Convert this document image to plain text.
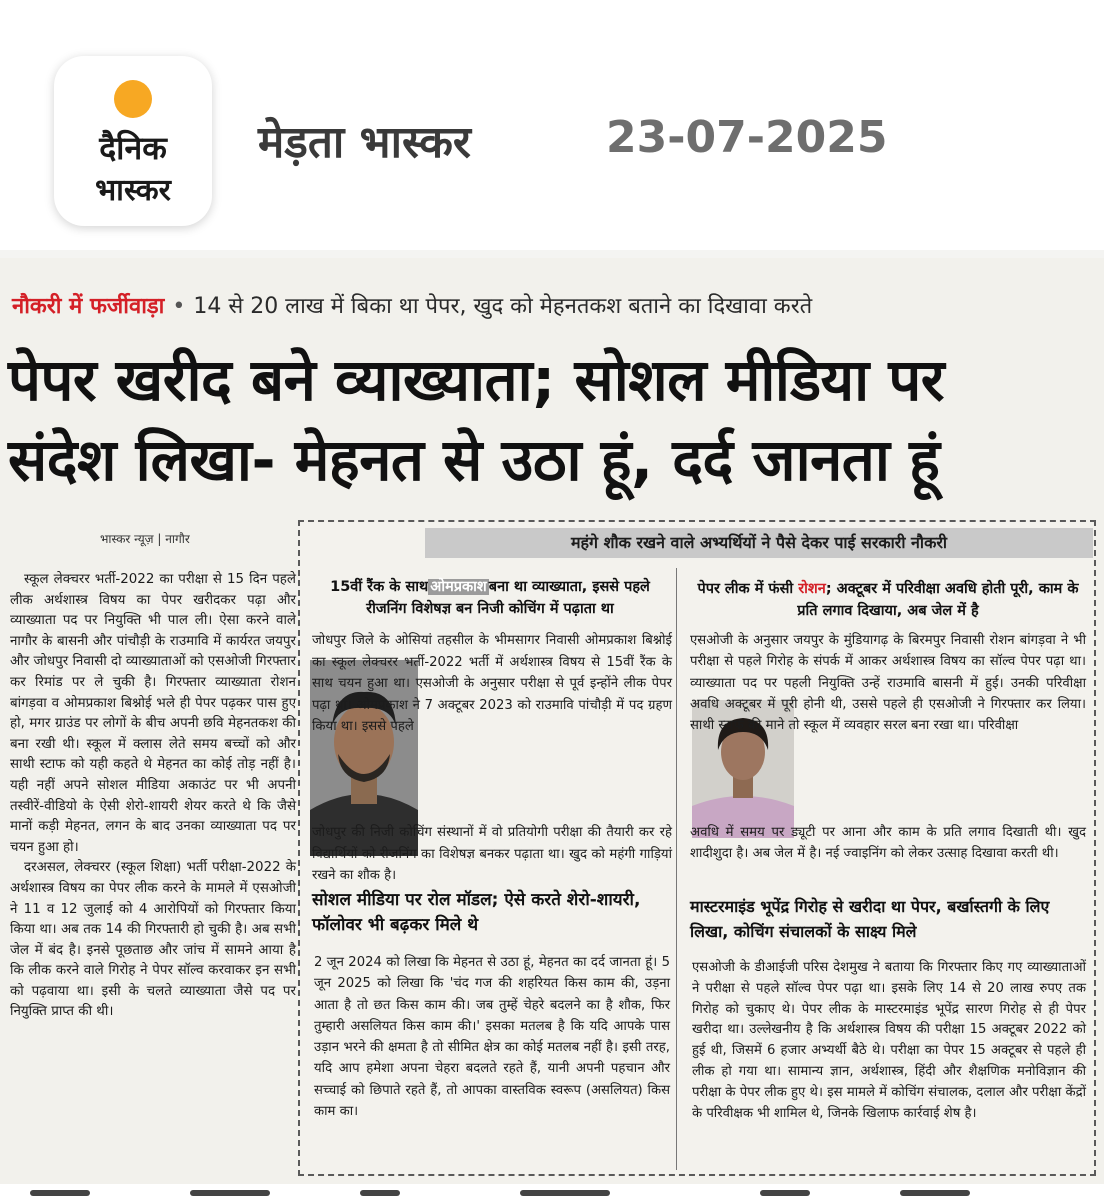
दैनिक
भास्कर
मेड़ता भास्कर	23-07-2025
नौकरी में फर्जीवाड़ा • 14 से 20 लाख में बिका था पेपर, खुद को मेहनतकश बताने का दिखावा करते
पेपर खरीद बने व्याख्याता; सोशल मीडिया पर
संदेश लिखा- मेहनत से उठा हूं, दर्द जानता हूं
भास्कर न्यूज़ | नागौर

स्कूल लेक्चरर भर्ती-2022 का परीक्षा से 15 दिन पहले लीक अर्थशास्त्र विषय का पेपर खरीदकर पढ़ा और व्याख्याता पद पर नियुक्ति भी पाल ली। ऐसा करने वाले नागौर के बासनी और पांचौड़ी के राउमावि में कार्यरत जयपुर और जोधपुर निवासी दो व्याख्याताओं को एसओजी गिरफ्तार कर रिमांड पर ले चुकी है। गिरफ्तार व्याख्याता रोशन बांगड़वा व ओमप्रकाश बिश्नोई भले ही पेपर पढ़कर पास हुए हो, मगर ग्राउंड पर लोगों के बीच अपनी छवि मेहनतकश की बना रखी थी। स्कूल में क्लास लेते समय बच्चों को और साथी स्टाफ को यही कहते थे मेहनत का कोई तोड़ नहीं है। यही नहीं अपने सोशल मीडिया अकाउंट पर भी अपनी तस्वीरें-वीडियो के ऐसी शेरो-शायरी शेयर करते थे कि जैसे मानों कड़ी मेहनत, लगन के बाद उनका व्याख्याता पद पर चयन हुआ हो।

दरअसल, लेक्चरर (स्कूल शिक्षा) भर्ती परीक्षा-2022 के अर्थशास्त्र विषय का पेपर लीक करने के मामले में एसओजी ने 11 व 12 जुलाई को 4 आरोपियों को गिरफ्तार किया किया था। अब तक 14 की गिरफ्तारी हो चुकी है। अब सभी जेल में बंद है। इनसे पूछताछ और जांच में सामने आया है कि लीक करने वाले गिरोह ने पेपर सॉल्व करवाकर इन सभी को पढ़वाया था। इसी के चलते व्याख्याता जैसे पद पर नियुक्ति प्राप्त की थी।

महंगे शौक रखने वाले अभ्यर्थियों ने पैसे देकर पाई सरकारी नौकरी
15वीं रैंक के साथ ओमप्रकाश बना था व्याख्याता, इससे पहले रीजनिंग विशेषज्ञ बन निजी कोचिंग में पढ़ाता था

जोधपुर जिले के ओसियां तहसील के भीमसागर निवासी ओमप्रकाश बिश्नोई का स्कूल लेक्चरर भर्ती-2022 भर्ती में अर्थशास्त्र विषय से 15वीं रैंक के साथ चयन हुआ था। एसओजी के अनुसार परीक्षा से पूर्व इन्होंने लीक पेपर पढ़ा था। ओमप्रकाश ने 7 अक्टूबर 2023 को राउमावि पांचौड़ी में पद ग्रहण किया था। इससे पहले

सोशल मीडिया पर रोल मॉडल; ऐसे करते शेरो-शायरी, फॉलोवर भी बढ़कर मिले थे

2 जून 2024 को लिखा कि मेहनत से उठा हूं, मेहनत का दर्द जानता हूं। 5 जून 2025 को लिखा कि 'चंद गज की शहरियत किस काम की, उड़ना आता है तो छत किस काम की। जब तुम्हें चेहरे बदलने का है शौक, फिर तुम्हारी असलियत किस काम की।' इसका मतलब है कि यदि आपके पास उड़ान भरने की क्षमता है तो सीमित क्षेत्र का कोई मतलब नहीं है। इसी तरह, यदि आप हमेशा अपना चेहरा बदलते रहते हैं, यानी अपनी पहचान और सच्चाई को छिपाते रहते हैं, तो आपका वास्तविक स्वरूप (असलियत) किस काम का।

पेपर लीक में फंसी रोशन; अक्टूबर में परिवीक्षा अवधि होती पूरी, काम के प्रति लगाव दिखाया, अब जेल में है

एसओजी के अनुसार जयपुर के मुंडियागढ़ के बिरमपुर निवासी रोशन बांगड़वा ने भी परीक्षा से पहले गिरोह के संपर्क में आकर अर्थशास्त्र विषय का सॉल्व पेपर पढ़ा था। व्याख्याता पद पर पहली नियुक्ति उन्हें राउमावि बासनी में हुई। उनकी परिवीक्षा अवधि अक्टूबर में पूरी होनी थी, उससे पहले ही एसओजी ने गिरफ्तार कर लिया। साथी स्टाफ की माने तो स्कूल में व्यवहार सरल बना रखा था। परिवीक्षा

मास्टरमाइंड भूपेंद्र गिरोह से खरीदा था पेपर, बर्खास्तगी के लिए लिखा, कोचिंग संचालकों के साक्ष्य मिले

एसओजी के डीआईजी परिस देशमुख ने बताया कि गिरफ्तार किए गए व्याख्याताओं ने परीक्षा से पहले सॉल्व पेपर पढ़ा था। इसके लिए 14 से 20 लाख रुपए तक गिरोह को चुकाए थे। पेपर लीक के मास्टरमाइंड भूपेंद्र सारण गिरोह से ही पेपर खरीदा था। उल्लेखनीय है कि अर्थशास्त्र विषय की परीक्षा 15 अक्टूबर 2022 को हुई थी, जिसमें 6 हजार अभ्यर्थी बैठे थे। परीक्षा का पेपर 15 अक्टूबर से पहले ही लीक हो गया था। सामान्य ज्ञान, अर्थशास्त्र, हिंदी और शैक्षणिक मनोविज्ञान की परीक्षा के पेपर लीक हुए थे। इस मामले में कोचिंग संचालक, दलाल और परीक्षा केंद्रों के परिवीक्षक भी शामिल थे, जिनके खिलाफ कार्रवाई शेष है।

जोधपुर की निजी कोचिंग संस्थानों में वो प्रतियोगी परीक्षा की तैयारी कर रहे विद्यार्थियों को रीजनिंग का विशेषज्ञ बनकर पढ़ाता था। खुद को महंगी गाड़ियां रखने का शौक है।

अवधि में समय पर ड्यूटी पर आना और काम के प्रति लगाव दिखाती थी। खुद शादीशुदा है। अब जेल में है। नई ज्वाइनिंग को लेकर उत्साह दिखावा करती थी।
